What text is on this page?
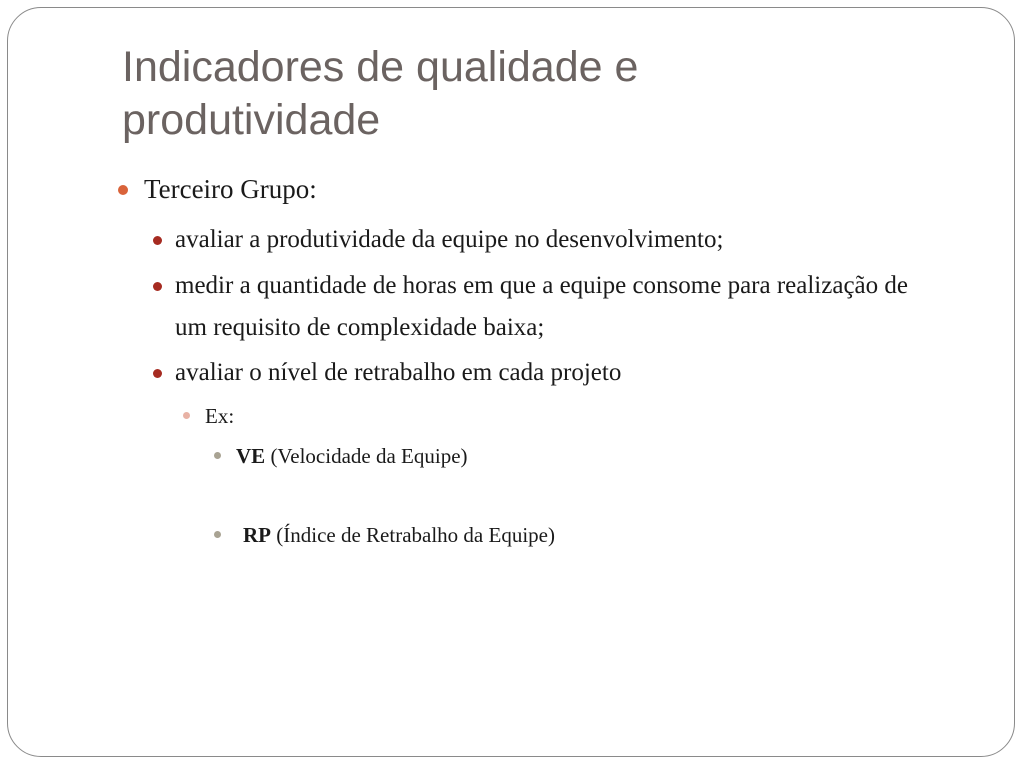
Indicadores de qualidade e produtividade

Terceiro Grupo:

avaliar a produtividade da equipe no desenvolvimento;

medir a quantidade de horas em que a equipe consome para realização de um requisito de complexidade baixa;

avaliar o nível de retrabalho em cada projeto

Ex:

VE (Velocidade da Equipe)

RP (Índice de Retrabalho da Equipe)
